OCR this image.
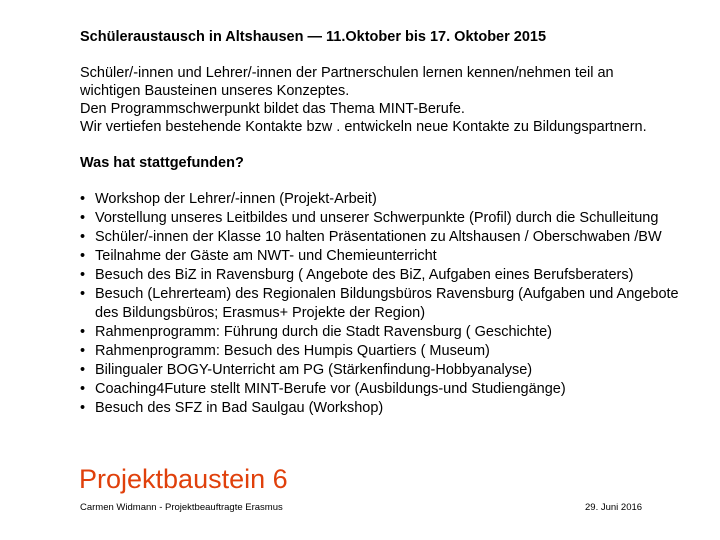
Schüleraustausch in Altshausen — 11.Oktober bis 17. Oktober 2015
Schüler/-innen und Lehrer/-innen der Partnerschulen lernen kennen/nehmen teil an
wichtigen Bausteinen unseres Konzeptes.
Den Programmschwerpunkt bildet das Thema MINT-Berufe.
Wir vertiefen bestehende Kontakte bzw . entwickeln neue Kontakte zu Bildungspartnern.
Was hat stattgefunden?
• Workshop der Lehrer/-innen (Projekt-Arbeit)
• Vorstellung unseres Leitbildes und unserer Schwerpunkte (Profil) durch die Schulleitung
• Schüler/-innen der Klasse 10 halten Präsentationen zu Altshausen / Oberschwaben /BW
• Teilnahme der Gäste am NWT- und Chemieunterricht
• Besuch des BiZ in Ravensburg ( Angebote des BiZ, Aufgaben eines Berufsberaters)
• Besuch (Lehrerteam) des Regionalen Bildungsbüros Ravensburg (Aufgaben und Angebote des Bildungsbüros; Erasmus+ Projekte der Region)
• Rahmenprogramm: Führung durch die Stadt Ravensburg ( Geschichte)
• Rahmenprogramm: Besuch des Humpis Quartiers ( Museum)
• Bilingualer BOGY-Unterricht am PG (Stärkenfindung-Hobbyanalyse)
• Coaching4Future stellt MINT-Berufe vor (Ausbildungs-und Studiengänge)
• Besuch des SFZ in Bad Saulgau (Workshop)
Projektbaustein 6
Carmen Widmann - Projektbeauftragte Erasmus	29. Juni 2016
